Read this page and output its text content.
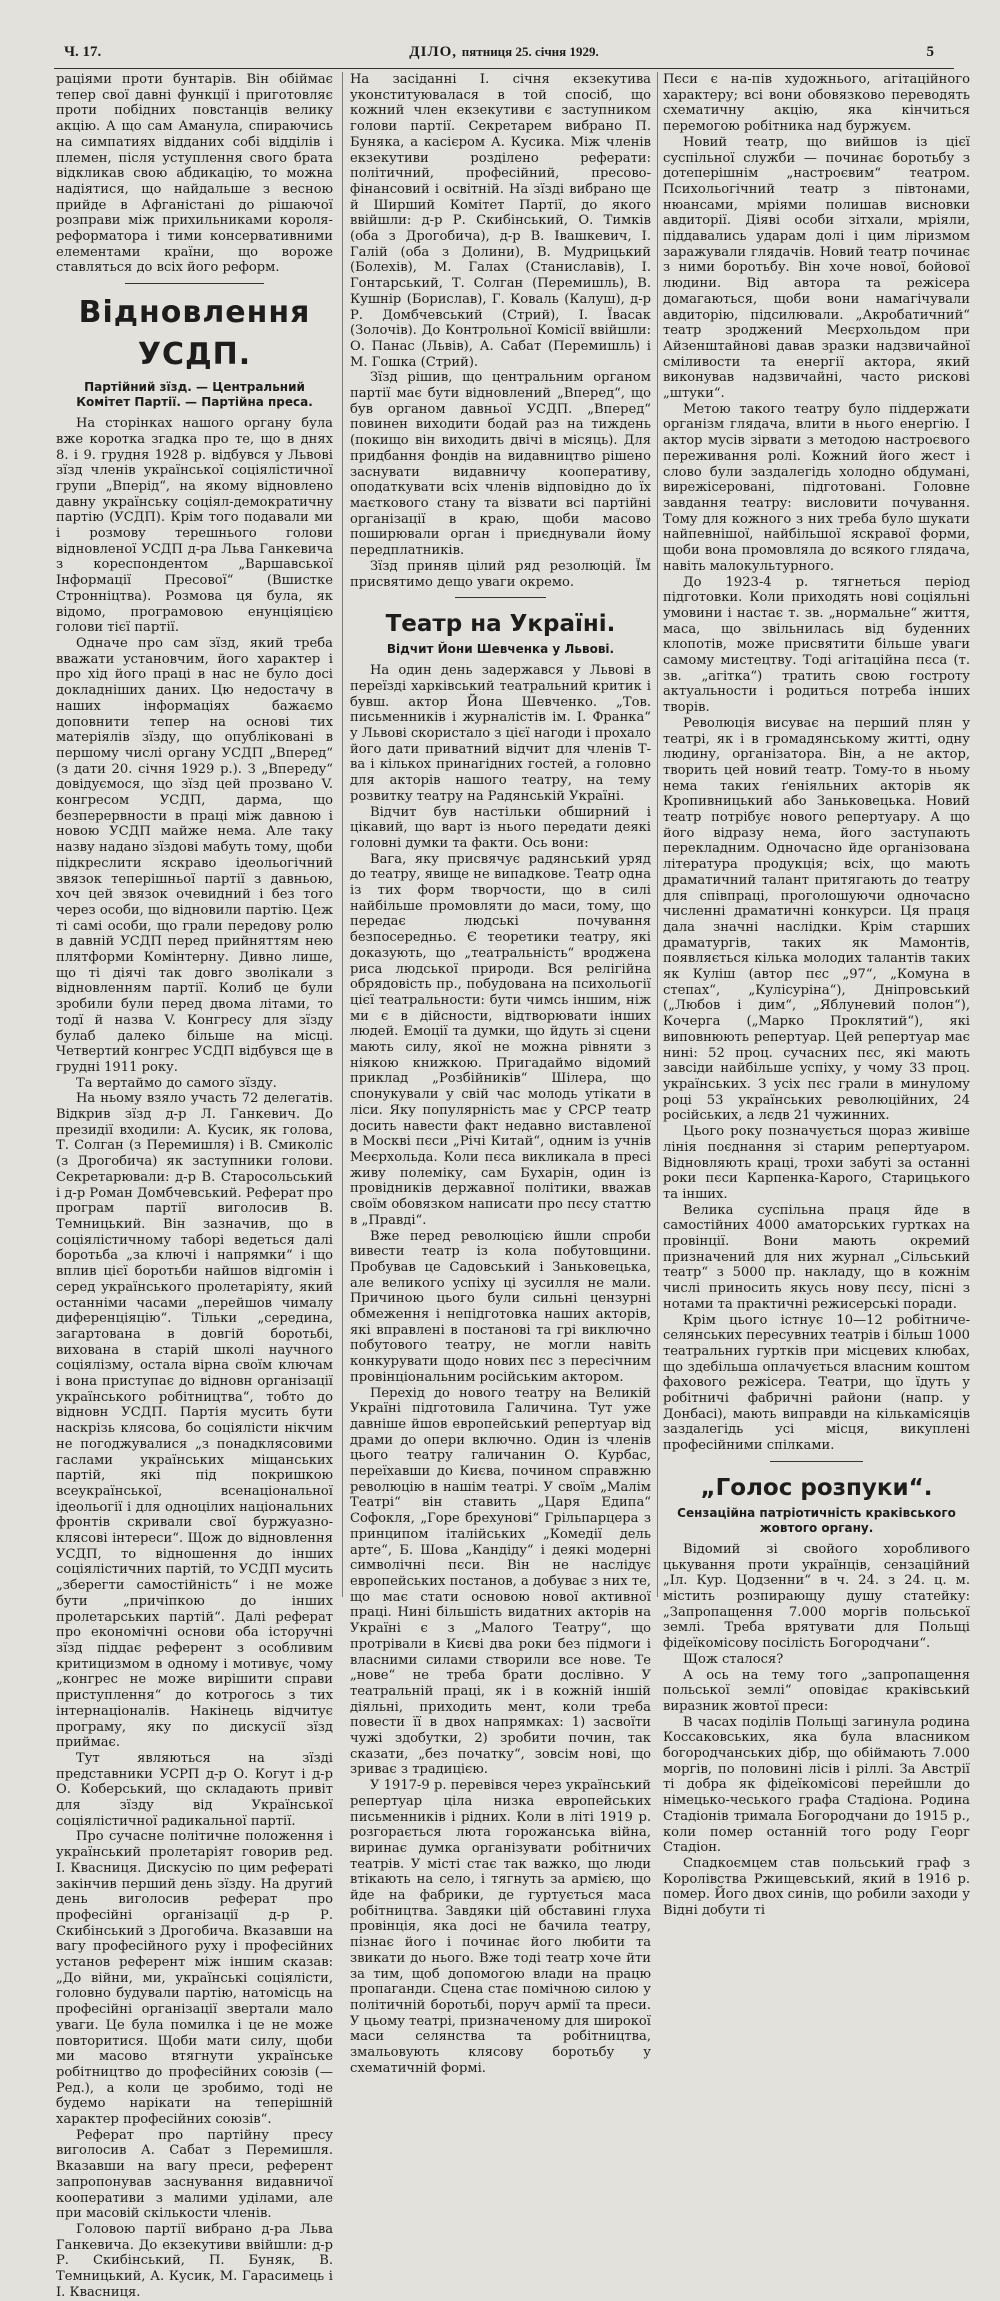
Ч. 17.	ДІЛО, пятниця 25. січня 1929.	5

раціями проти бунтарів. Він обіймає тепер свої давні функції і приготовляє проти побідних повстанців велику акцію. А що сам Аманула, спираючись на симпатиях відданих собі відділів і племен, після уступлення свого брата відкликав свою абдикацію, то можна надіятися, що найдальше з весною прийде в Афганістані до рішаючої розправи між прихильниками короля-реформатора і тими консервативними елементами країни, що вороже ставляться до всіх його реформ.

Відновлення УСДП.
Партійний зїзд. — Центральний Комітет Партії. — Партійна преса.

На сторінках нашого органу була вже коротка згадка про те, що в днях 8. і 9. грудня 1928 р. відбувся у Львові зїзд членів української соціялістичної групи „Вперід“, на якому відновлено давну українську соціял-демократичну партію (УСДП). Крім того подавали ми і розмову терешнього голови відновленої УСДП д-ра Льва Ганкевича з кореспондентом „Варшавської Інформації Пресової“ (Вшистке Стронніцтва). Розмова ця була, як відомо, програмовою енунціяцією голови тієї партії.

Одначе про сам зїзд, який треба вважати установчим, його характер і про хід його праці в нас не було досі докладніших даних. Цю недостачу в наших інформаціях бажаємо доповнити тепер на основі тих матеріялів зїзду, що опубліковані в першому числі органу УСДП „Вперед“ (з дати 20. січня 1929 р.). З „Впереду“ довідуємося, що зїзд цей прозвано V. конгресом УСДП, дарма, що безперервности в праці між давною і новою УСДП майже нема. Але таку назву надано зїздові мабуть тому, щоби підкреслити яскраво ідеольогічний звязок теперішньої партії з давньою, хоч цей звязок очевидний і без того через особи, що відновили партію. Цеж ті самі особи, що грали передову ролю в давній УСДП перед прийняттям нею плятформи Комінтерну. Дивно лише, що ті діячі так довго зволікали з відновленням партії. Колиб це були зробили були перед двома літами, то тодї й назва V. Конгресу для зїзду булаб далеко більше на місці. Четвертий конгрес УСДП відбувся ще в грудні 1911 року.

Та вертаймо до самого зїзду.

На ньому взяло участь 72 делегатів. Відкрив зїзд д-р Л. Ганкевич. До президії входили: А. Кусик, як голова, Т. Солган (з Перемишля) і В. Смиколіс (з Дрогобича) як заступники голови. Секретарювали: д-р В. Старосольський і д-р Роман Домбчевський. Реферат про програм партії виголосив В. Темницький. Він зазначив, що в соціялістичному таборі ведеться далі боротьба „за ключі і напрямки“ і що вплив цієї боротьби найшов відгомін і серед українського пролетаріяту, який останніми часами „перейшов чималу диференціяцію“. Тільки „середина, загартована в довгій боротьбі, вихована в старій школі научного соціялізму, остала вірна своїм ключам і вона приступає до відновн організації українського робітництва“, тобто до відновн УСДП. Партія мусить бути наскрізь клясова, бо соціялісти нікчим не погоджувалися „з понадклясовими гаслами українських міщанських партій, які під покришкою всеукраїнської, всенаціональної ідеольогії і для одноцілих національних фронтів скривали свої буржуазно-клясові інтереси“. Щож до відновлення УСДП, то відношення до інших соціялістичних партій, то УСДП мусить „зберегти самостійність“ і не може бути „причіпкою до інших пролетарських партій“. Далі реферат про економічні основи оба історучні зїзд піддає референт з особливим критицизмом в одному і мотивує, чому „конгрес не може вирішити справи приступлення“ до котрогось з тих інтернаціоналів. Накінець відчитує програму, яку по дискусії зїзд приймає.

Тут являються на зїзді представники УСРП д-р О. Когут і д-р О. Коберський, що складають привіт для зїзду від Української соціялістичної радикальної партії.

Про сучасне політичне положення і український пролетаріят говорив ред. І. Квасниця. Дискусію по цим рефераті закінчив перший день зїзду. На другий день виголосив реферат про професійні організації д-р Р. Скибінський з Дрогобича. Вказавши на вагу професійного руху і професійних установ референт між іншим сказав: „До війни, ми, українські соціялісти, головно будували партію, натомісць на професійні організації звертали мало уваги. Це була помилка і це не може повторитися. Щоби мати силу, щоби ми масово втягнути українське робітництво до професійних союзів (— Ред.), а коли це зробимо, тоді не будемо нарікати на теперішній характер професійних союзів“.

Реферат про партійну пресу виголосив А. Сабат з Перемишля. Вказавши на вагу преси, референт запропонував заснування видавничої кооперативи з малими уділами, але при масовій скількости членів.

Головою партії вибрано д-ра Льва Ганкевича. До екзекутиви ввійшли: д-р Р. Скибінський, П. Буняк, В. Темницький, А. Кусик, М. Гарасимець і І. Квасниця.

На засіданні І. січня екзекутива уконституювалася в той спосіб, що кожний член екзекутиви є заступником голови партії. Секретарем вибрано П. Буняка, а касієром А. Кусика. Між членів екзекутиви розділено реферати: політичний, професійний, пресово-фінансовий і освітній. На зїзді вибрано ще й Ширший Комітет Партії, до якого ввійшли: д-р Р. Скибінський, О. Тимків (оба з Дрогобича), д-р В. Івашкевич, І. Галій (оба з Долини), В. Мудрицький (Болехів), М. Галах (Станиславів), І. Гонтарський, Т. Солган (Перемишль), В. Кушнір (Борислав), Г. Коваль (Калуш), д-р Р. Домбчевський (Стрий), І. Ївасак (Золочів). До Контрольної Комісії ввійшли: О. Панас (Львів), А. Сабат (Перемишль) і М. Гошка (Стрий).

Зїзд рішив, що центральним органом партії має бути відновлений „Вперед“, що був органом давньої УСДП. „Вперед“ повинен виходити бодай раз на тиждень (покищо він виходить двічі в місяць). Для придбання фондів на видавництво рішено заснувати видавничу кооперативу, оподаткувати всіх членів відповідно до їх маєткового стану та візвати всі партійні організації в краю, щоби масово поширювали орган і приєднували йому передплатників.

Зїзд приняв цілий ряд резолюцій. Їм присвятимо дещо уваги окремо.

Театр на Україні.
Відчит Йони Шевченка у Львові.

На один день задержався у Львові в переїзді харківський театральний критик і бувш. актор Йона Шевченко. „Тов. письменників і журналістів ім. І. Франка“ у Львові скористало з цієї нагоди і прохало його дати приватний відчит для членів Т-ва і кількох принагідних гостей, а головно для акторів нашого театру, на тему розвитку театру на Радянській Україні.

Відчит був настільки обширний і цікавий, що варт із нього передати деякі головні думки та факти. Ось вони:

Вага, яку присвячує радянський уряд до театру, явище не випадкове. Театр одна із тих форм творчости, що в силі найбільше промовляти до маси, тому, що передає людські почування безпосередньо. Є теоретики театру, які доказують, що „театральність“ вроджена риса людської природи. Вся релігійна обрядовість пр., побудована на психольогії цієї театральности: бути чимсь іншим, ніж ми є в дійсности, відтворювати інших людей. Емоції та думки, що йдуть зі сцени мають силу, якої не можна рівняти з ніякою книжкою. Пригадаймо відомий приклад „Розбійників“ Шілера, що спонукували у свій час молодь утікати в ліси. Яку популярність має у СРСР театр досить навести факт недавно виставленої в Москві пєси „Річі Китай“, одним із учнів Меєрхольда. Коли пєса викликала в пресі живу полеміку, сам Бухарін, один із провідників державної політики, вважав своїм обовязком написати про пєсу статтю в „Правді“.

Вже перед революцією йшли спроби вивести театр із кола побутовщини. Пробував це Садовський і Занькoвецька, але великого успіху ці зусилля не мали. Причиною цього були сильні цензурні обмеження і непідготовка наших акторів, які вправлені в постанові та грі виключно побутового театру, не могли навіть конкурувати щодо нових пєс з пересічним провінціональним російським актором.

Перехід до нового театру на Великій Україні підготовила Галичина. Тут уже давніше йшов европейський репертуар від драми до опери включно. Один із членів цього театру галичанин О. Курбас, переїхавши до Києва, почином справжню революцію в нашім театрі. У своїм „Малім Театрі“ він ставить „Царя Едипа“ Софокля, „Горе брехунові“ Грільпарцера з принципом італійських „Комедії дель арте“, Б. Шова „Кандіду“ і деякі модерні символічні пєси. Він не наслідує европейських постанов, а добуває з них те, що має стати основою нової активної праці. Нині більшість видатних акторів на Україні є з „Малого Театру“, що протрівали в Києві два роки без підмоги і власними силами створили все нове. Те „нове“ не треба брати дослівно. У театральній праці, як і в кожній іншій діяльні, приходить мент, коли треба повести її в двох напрямках: 1) засвоїти чужі здобутки, 2) зробити почин, так сказати, „без початку“, зовсім нові, що зриває з традицією.

У 1917-9 р. перевівся через український репертуар ціла низка европейських письменників і рідних. Коли в літі 1919 р. розгорається люта горожанська війна, виринає думка організувати робітничих театрів. У місті стає так важко, що люди втікають на село, і тягнуть за армією, що йде на фабрики, де гуртується маса робітництва. Завдяки цій обставині глуха провінція, яка досі не бачила театру, пізнає його і починає його любити та звикати до нього. Вже тоді театр хоче йти за тим, щоб допомогою влади на працю пропаганди. Сцена стає помічною силою у політичній боротьбі, поруч армії та преси. У цьому театрі, призначеному для широкої маси селянства та робітництва, змальовують клясову боротьбу у схематичній формі.

Пєси є на-пів художнього, агітаційного характеру; всі вони обовязково переводять схематичну акцію, яка кінчиться перемогою робітника над буржуєм.

Новий театр, що вийшов із цієї суспільної служби — починає боротьбу з дотеперішнім „настроєвим“ театром. Психольогічний театр з півтонами, нюансами, мріями полишав висновки авдиторії. Діяві особи зітхали, мріяли, піддавались ударам долі і цим ліризмом заражували глядачів. Новий театр починає з ними боротьбу. Він хоче нової, бойової людини. Від автора та режісера домагаються, щоби вони намагічували авдиторію, підсилювали. „Акробатичний“ театр зроджений Меєрхольдом при Айзенштайнові давав зразки надзвичайної сміливости та енергії актора, який виконував надзвичайні, часто рискові „штуки“.

Метою такого театру було піддержати організм глядача, влити в нього енергію. І актор мусів зірвати з методою настроєвого переживання ролі. Кожний його жест і слово були заздалегідь холодно обдумані, вирежісеровані, підготовані. Головне завдання театру: висловити почування. Тому для кожного з них треба було шукати найпевнішої, найбільшої яскравої форми, щоби вона промовляла до всякого глядача, навіть малокультурного.

До 1923-4 р. тягнеться період підготовки. Коли приходять нові соціяльні умовини і настає т. зв. „нормальне“ життя, маса, що звільнилась від буденних клопотів, може присвятити більше уваги самому мистецтву. Тоді агітаційна пєса (т. зв. „агітка“) тратить свою гостроту актуальности і родиться потреба інших творів.

Революція висуває на перший плян у театрі, як і в громадянському житті, одну людину, організатора. Він, а не актор, творить цей новий театр. Тому-то в ньому нема таких ґеніяльних акторів як Кропивницький або Заньковецька. Новий театр потрібує нового репертуару. А що його відразу нема, його заступають перекладним. Одночасно йде організована література продукція; всіх, що мають драматичний талант притягають до театру для співпраці, проголошуючи одночасно численні драматичні конкурси. Ця праця дала значні наслідки. Крім старших драматургів, таких як Мамонтів, появляється кілька молодих талантів таких як Куліш (автор пєс „97“, „Комуна в степах“, „Кулісуріна“), Дніпровський („Любов і дим“, „Яблуневий полон“), Кочерга („Марко Проклятий“), які виповнюють репертуар. Цей репертуар має нині: 52 проц. сучасних пєс, які мають завсіди найбільше успіху, у чому 33 проц. українських. З усіх пєс грали в минулому році 53 українських революційних, 24 російських, а лєдв 21 чужинних.

Цього року позначується щораз живіше лінія поєднання зі старим репертуаром. Відновляють краці, трохи забуті за останні роки пєси Карпенка-Карого, Старицького та інших.

Велика суспільна праця йде в самостійних 4000 аматорських гуртках на провінції. Вони мають окремий призначений для них журнал „Сільський театр“ з 5000 пр. накладу, що в кожнім числі приносить якусь нову пєсу, пісні з нотами та практичні режисерські поради.

Крім цього істнує 10—12 робітниче-селянських пересувних театрів і більш 1000 театральних гуртків при місцевих клюбах, що здебільша оплачується власним коштом фахового режісера. Театри, що їдуть у робітничі фабричні райони (напр. у Донбасі), мають виправди на кількамісяців заздалегідь усі місця, викуплені професійними спілками.

„Голос розпуки“.
Сензаційна патріотичність краківського жовтого органу.

Відомий зі свойого хоробливого цькування проти українців, сензаційний „Іл. Кур. Цодзенни“ в ч. 24. з 24. ц. м. містить розпирающу душу статейку: „Запропащення 7.000 моргів польської землі. Треба врятувати для Польщі фідеїкомісову посілість Богородчани“.

Щож сталося?

А ось на тему того „запропащення польської землі“ оповідає краківський виразник жовтої преси:

В часах поділів Польщі загинула родина Коссаковських, яка була власником богородчанських дібр, що обіймають 7.000 моргів, по половині лісів і ріллі. За Австрії ті добра як фідеїкомісові перейшли до німецько-чеського графа Стадіона. Родина Стадіонів тримала Богородчани до 1915 р., коли помер останній того роду Георг Стадіон.

Спадкоємцем став польський граф з Королівства Ржищевський, який в 1916 р. помер. Його двох синів, що робили заходи у Відні добути ті
